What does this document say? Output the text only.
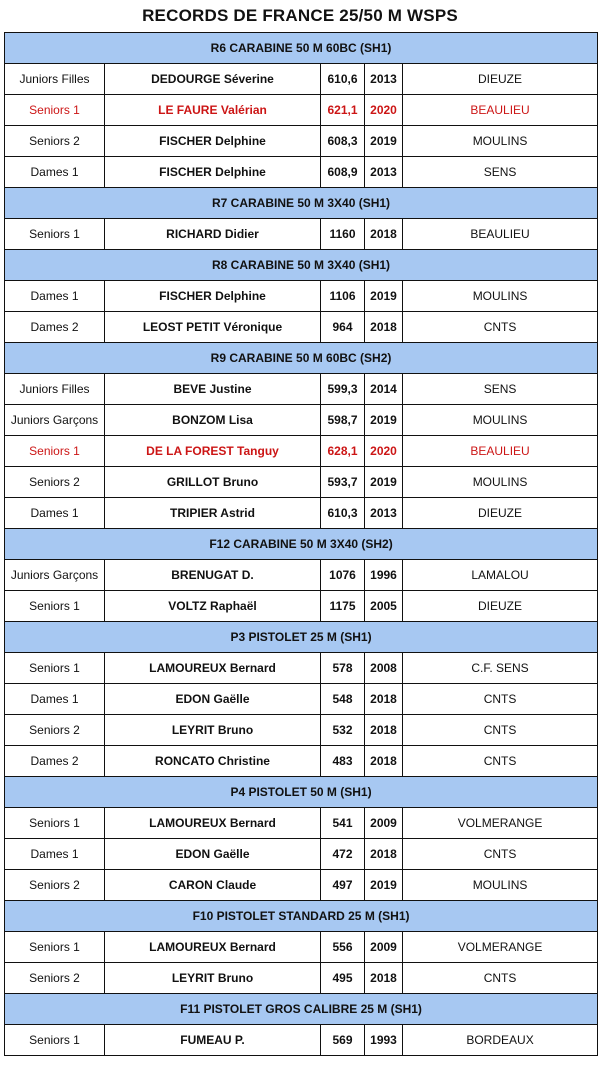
RECORDS DE FRANCE 25/50 M WSPS
R6 CARABINE 50 M 60BC (SH1)				
Juniors Filles	DEDOURGE Séverine	610,6	2013	DIEUZE
Seniors 1	LE FAURE Valérian	621,1	2020	BEAULIEU
Seniors 2	FISCHER Delphine	608,3	2019	MOULINS
Dames 1	FISCHER Delphine	608,9	2013	SENS
R7 CARABINE 50 M 3X40 (SH1)				
Seniors 1	RICHARD Didier	1160	2018	BEAULIEU
R8 CARABINE 50 M 3X40 (SH1)				
Dames 1	FISCHER Delphine	1106	2019	MOULINS
Dames 2	LEOST PETIT Véronique	964	2018	CNTS
R9 CARABINE 50 M 60BC (SH2)				
Juniors Filles	BEVE Justine	599,3	2014	SENS
Juniors Garçons	BONZOM Lisa	598,7	2019	MOULINS
Seniors 1	DE LA FOREST Tanguy	628,1	2020	BEAULIEU
Seniors 2	GRILLOT Bruno	593,7	2019	MOULINS
Dames 1	TRIPIER Astrid	610,3	2013	DIEUZE
F12 CARABINE 50 M 3X40 (SH2)				
Juniors Garçons	BRENUGAT D.	1076	1996	LAMALOU
Seniors 1	VOLTZ Raphaël	1175	2005	DIEUZE
P3 PISTOLET 25 M (SH1)				
Seniors 1	LAMOUREUX Bernard	578	2008	C.F. SENS
Dames 1	EDON Gaëlle	548	2018	CNTS
Seniors 2	LEYRIT Bruno	532	2018	CNTS
Dames 2	RONCATO Christine	483	2018	CNTS
P4 PISTOLET 50 M (SH1)				
Seniors 1	LAMOUREUX Bernard	541	2009	VOLMERANGE
Dames 1	EDON Gaëlle	472	2018	CNTS
Seniors 2	CARON Claude	497	2019	MOULINS
F10 PISTOLET STANDARD 25 M (SH1)				
Seniors 1	LAMOUREUX Bernard	556	2009	VOLMERANGE
Seniors 2	LEYRIT Bruno	495	2018	CNTS
F11 PISTOLET GROS CALIBRE 25 M (SH1)				
Seniors 1	FUMEAU P.	569	1993	BORDEAUX
